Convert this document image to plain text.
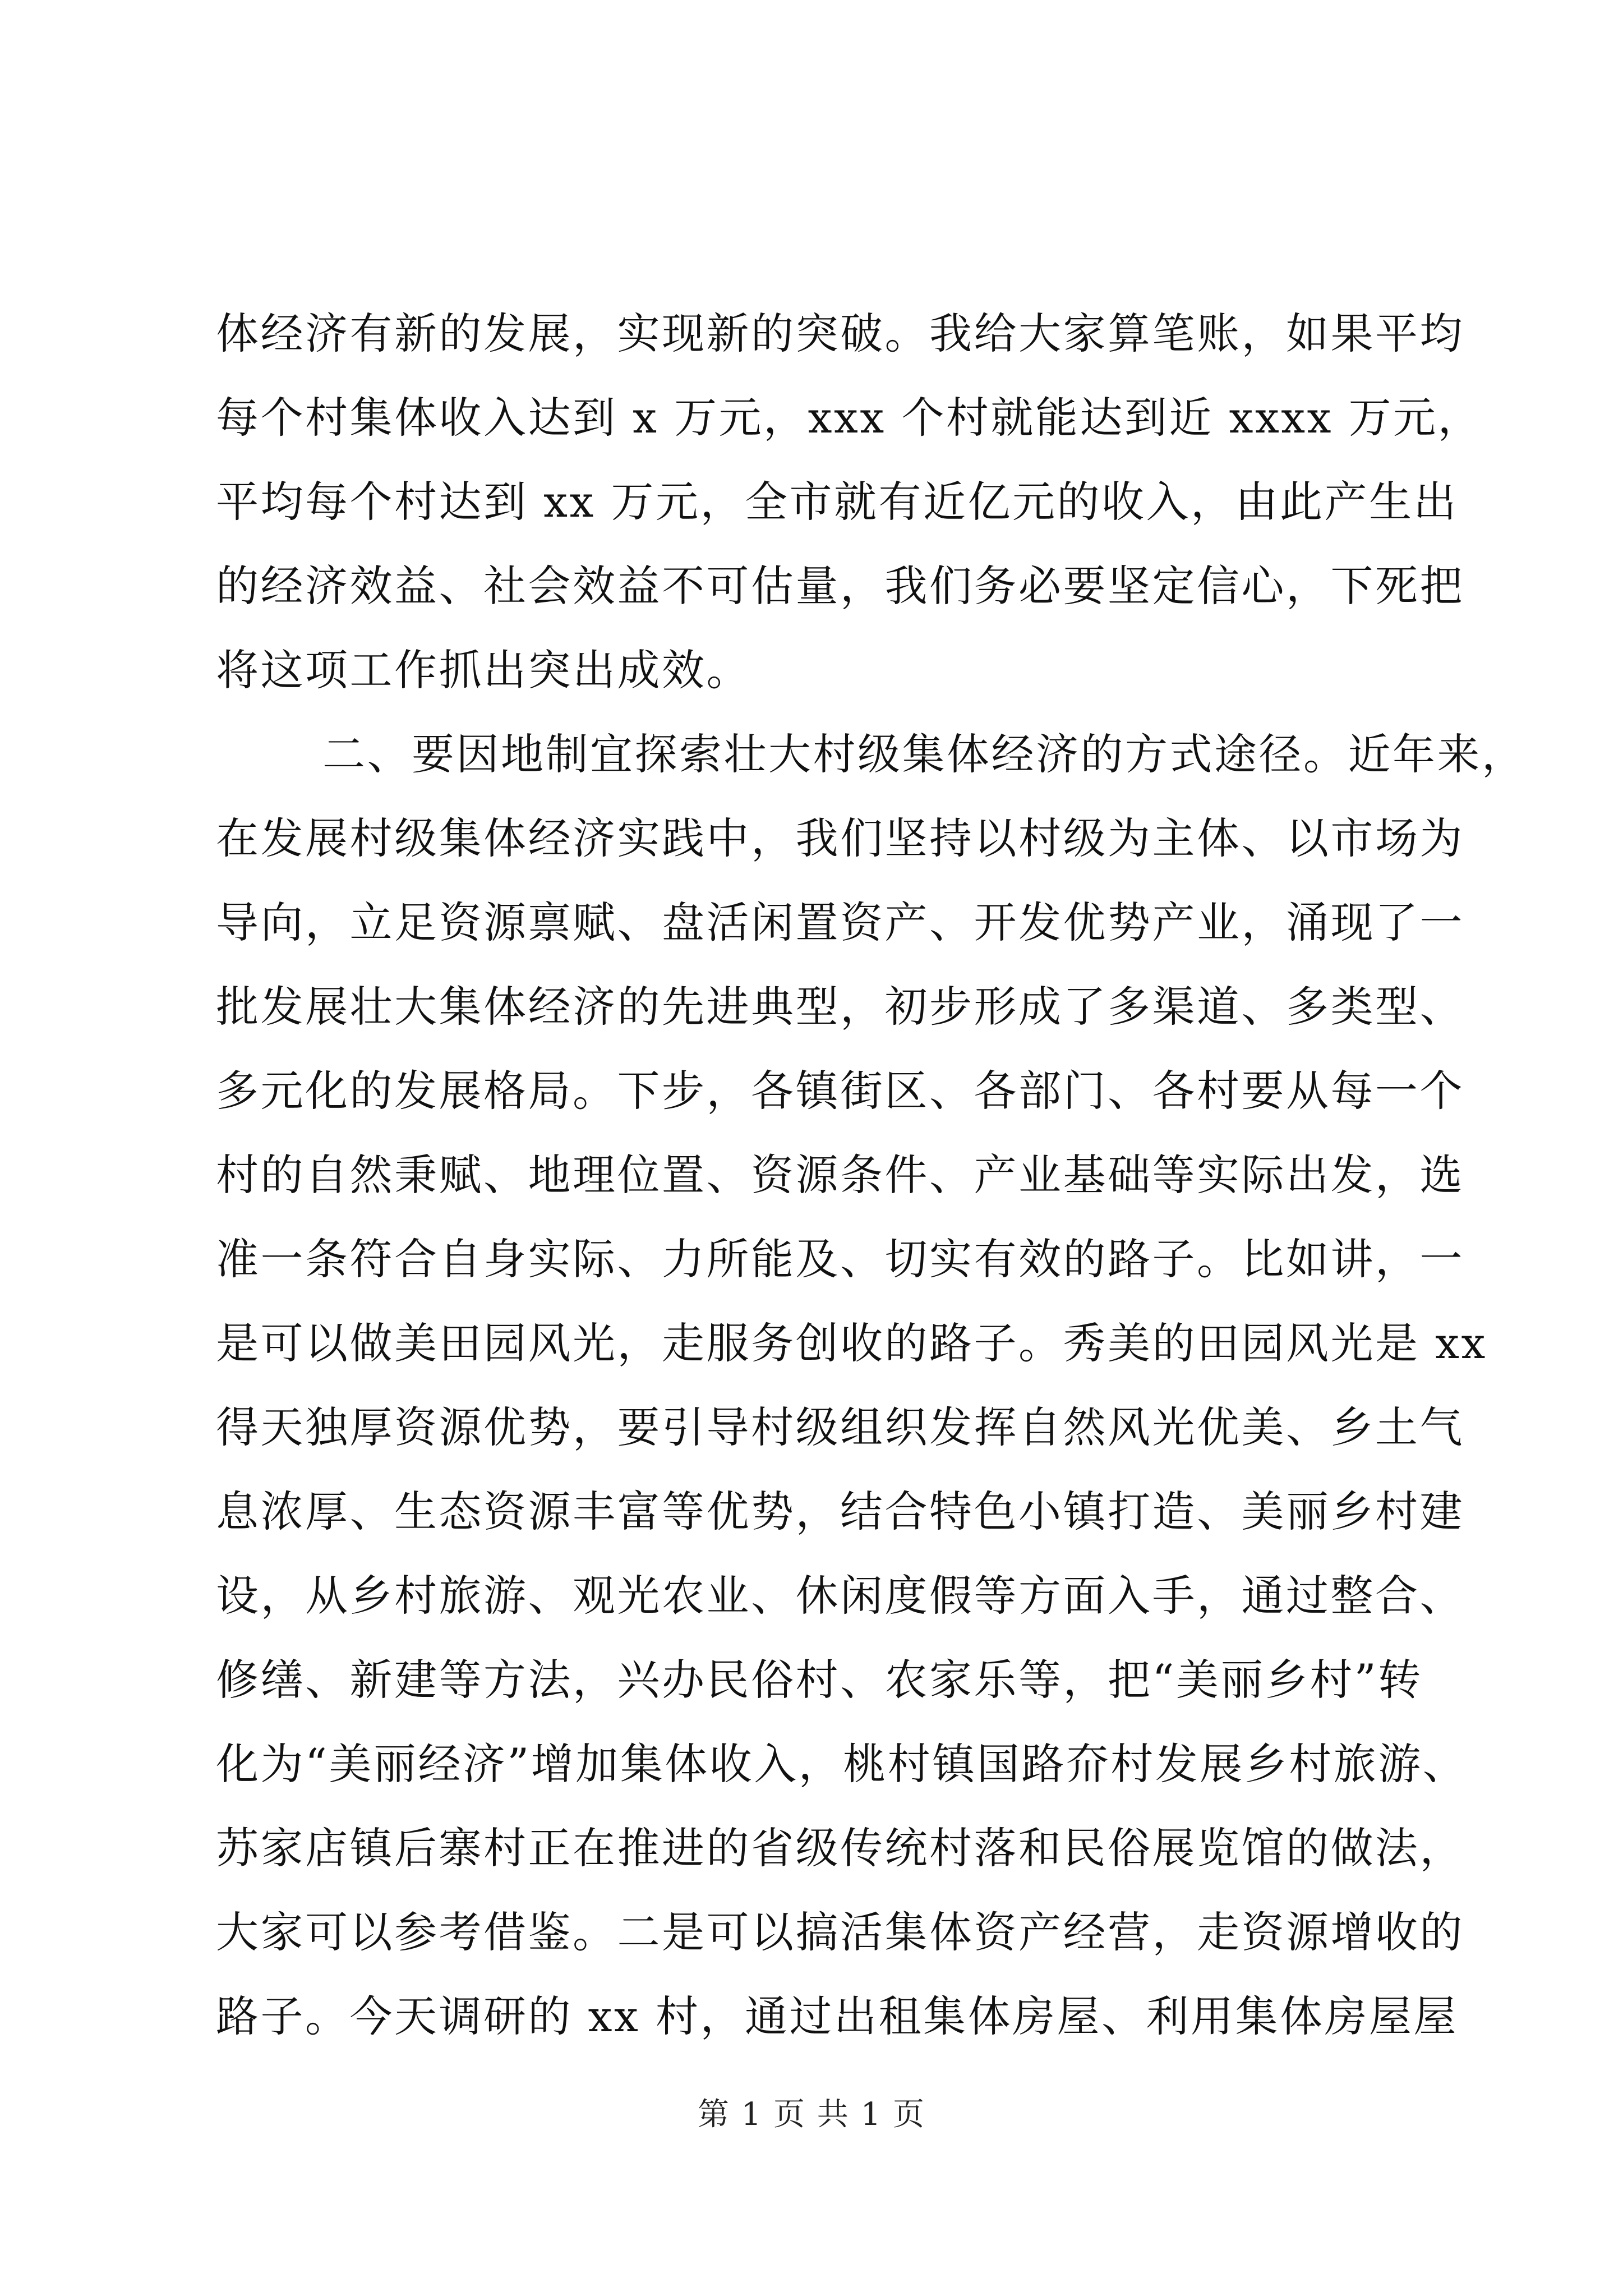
体经济有新的发展，实现新的突破。我给大家算笔账，如果平均
每个村集体收入达到 x 万元，xxx 个村就能达到近 xxxx 万元，
平均每个村达到 xx 万元，全市就有近亿元的收入，由此产生出
的经济效益、社会效益不可估量，我们务必要坚定信心，下死把
将这项工作抓出突出成效。
二、要因地制宜探索壮大村级集体经济的方式途径。近年来，
在发展村级集体经济实践中，我们坚持以村级为主体、以市场为
导向，立足资源禀赋、盘活闲置资产、开发优势产业，涌现了一
批发展壮大集体经济的先进典型，初步形成了多渠道、多类型、
多元化的发展格局。下步，各镇街区、各部门、各村要从每一个
村的自然秉赋、地理位置、资源条件、产业基础等实际出发，选
准一条符合自身实际、力所能及、切实有效的路子。比如讲，一
是可以做美田园风光，走服务创收的路子。秀美的田园风光是 xx
得天独厚资源优势，要引导村级组织发挥自然风光优美、乡土气
息浓厚、生态资源丰富等优势，结合特色小镇打造、美丽乡村建
设，从乡村旅游、观光农业、休闲度假等方面入手，通过整合、
修缮、新建等方法，兴办民俗村、农家乐等，把“美丽乡村”转
化为“美丽经济”增加集体收入，桃村镇国路夼村发展乡村旅游、
苏家店镇后寨村正在推进的省级传统村落和民俗展览馆的做法，
大家可以参考借鉴。二是可以搞活集体资产经营，走资源增收的
路子。今天调研的 xx 村，通过出租集体房屋、利用集体房屋屋
第 1 页 共 1 页
